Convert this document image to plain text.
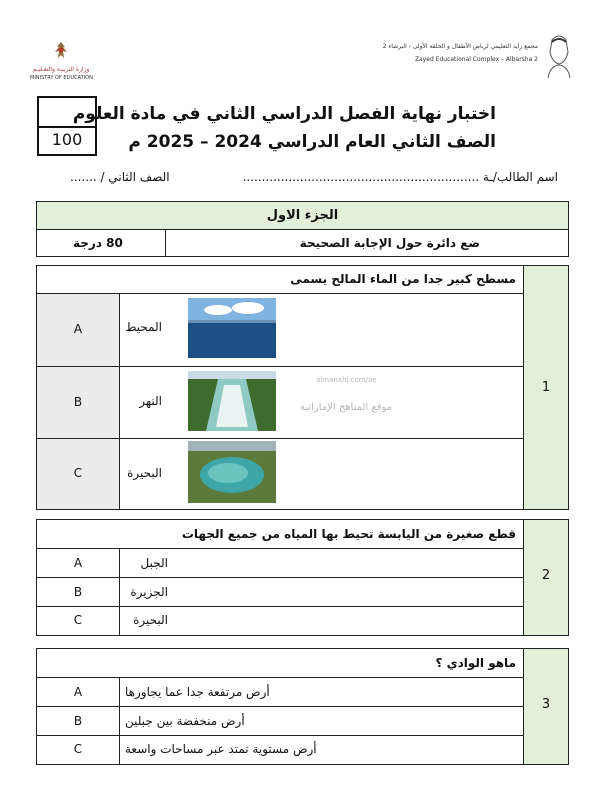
وزارة التربيـة والتعـليـم
MINISTRY OF EDUCATION
مجمع زايد التعليمي لرياض الأطفال و الحلقة الأولى - البرشاء 2
Zayed Educational Complex – Albarsha 2
100
اختبار نهاية الفصل الدراسي الثاني في مادة العلوم
الصف الثاني العام الدراسي 2024 – 2025 م
اسم الطالب/ـة ..............................................................
الصف الثاني / .......
الجزء الاول
ضع دائرة حول الإجابة الصحيحة
80 درجة
1
مسطح كبير جدا من الماء المالح يسمى
A	المحيط
B	النهر
C	البحيرة
almanahj.com/ae
موقع المناهج الإماراتية
2
قطع صغيرة من اليابسة تحيط بها المياه من جميع الجهات
A	الجبل
B	الجزيرة
C	البحيرة
3
ماهو الوادي ؟
A	أرض مرتفعة جدا عما يجاورها
B	أرض منخفضة بين جبلين
C	أرض مستوية تمتد عبر مساحات واسعة
